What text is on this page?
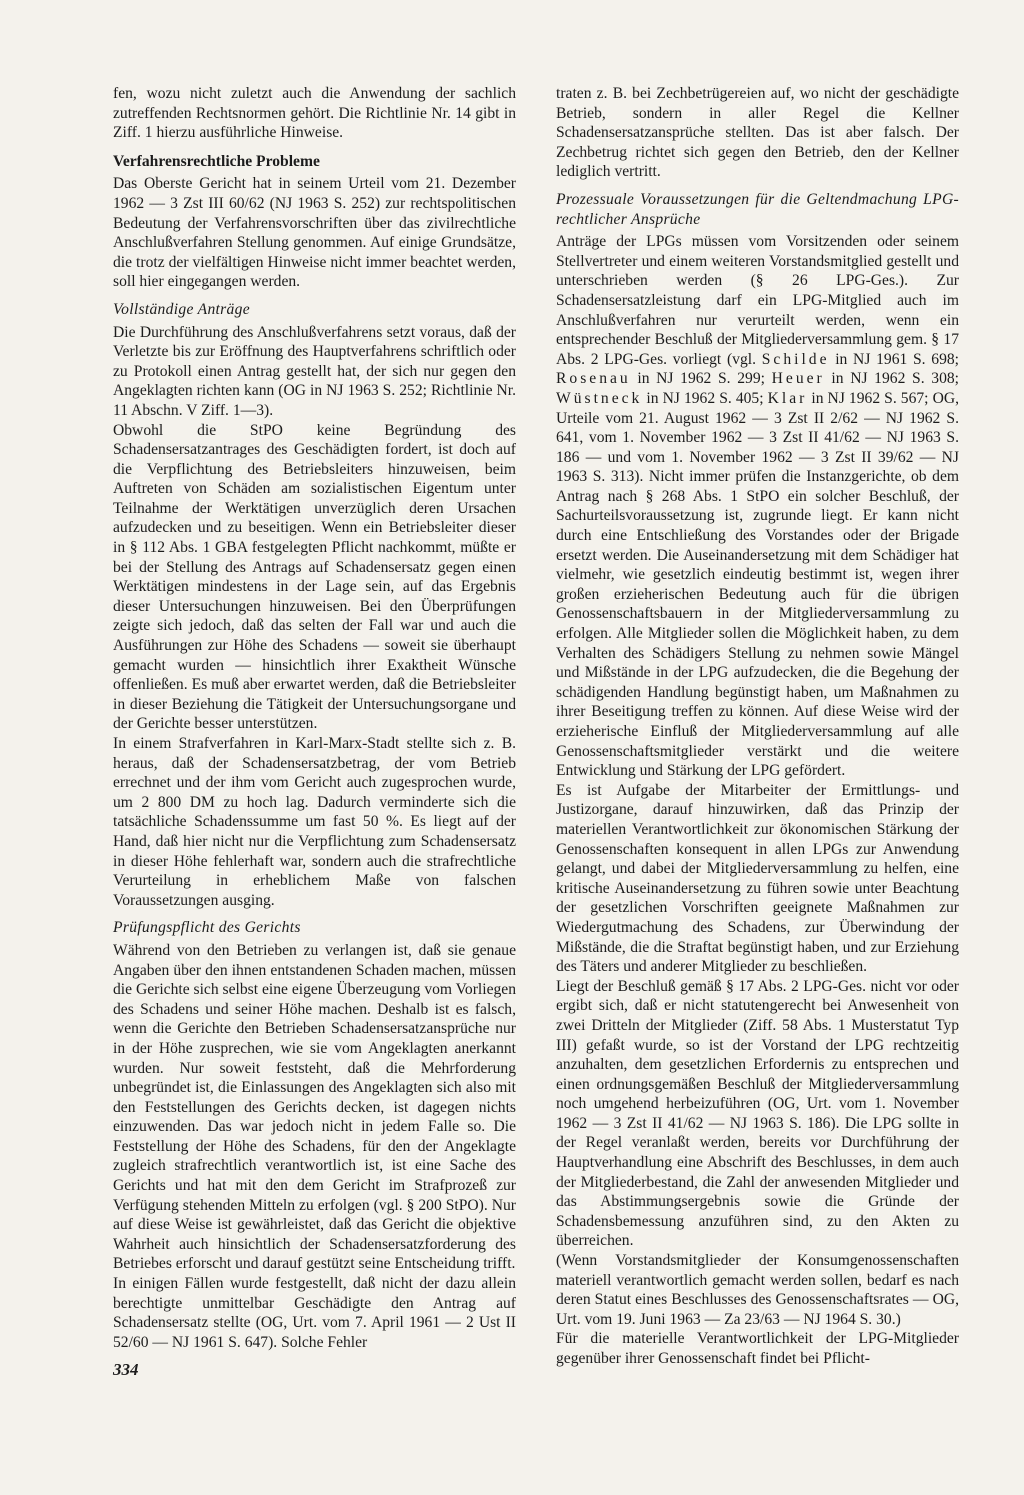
fen, wozu nicht zuletzt auch die Anwendung der sachlich zutreffenden Rechtsnormen gehört. Die Richtlinie Nr. 14 gibt in Ziff. 1 hierzu ausführliche Hinweise.

Verfahrensrechtliche Probleme

Das Oberste Gericht hat in seinem Urteil vom 21. Dezember 1962 — 3 Zst III 60/62 (NJ 1963 S. 252) zur rechtspolitischen Bedeutung der Verfahrensvorschriften über das zivilrechtliche Anschlußverfahren Stellung genommen. Auf einige Grundsätze, die trotz der vielfältigen Hinweise nicht immer beachtet werden, soll hier eingegangen werden.

Vollständige Anträge

Die Durchführung des Anschlußverfahrens setzt voraus, daß der Verletzte bis zur Eröffnung des Hauptverfahrens schriftlich oder zu Protokoll einen Antrag gestellt hat, der sich nur gegen den Angeklagten richten kann (OG in NJ 1963 S. 252; Richtlinie Nr. 11 Abschn. V Ziff. 1—3).

Obwohl die StPO keine Begründung des Schadensersatzantrages des Geschädigten fordert, ist doch auf die Verpflichtung des Betriebsleiters hinzuweisen, beim Auftreten von Schäden am sozialistischen Eigentum unter Teilnahme der Werktätigen unverzüglich deren Ursachen aufzudecken und zu beseitigen. Wenn ein Betriebsleiter dieser in § 112 Abs. 1 GBA festgelegten Pflicht nachkommt, müßte er bei der Stellung des Antrags auf Schadensersatz gegen einen Werktätigen mindestens in der Lage sein, auf das Ergebnis dieser Untersuchungen hinzuweisen. Bei den Überprüfungen zeigte sich jedoch, daß das selten der Fall war und auch die Ausführungen zur Höhe des Schadens — soweit sie überhaupt gemacht wurden — hinsichtlich ihrer Exaktheit Wünsche offenließen. Es muß aber erwartet werden, daß die Betriebsleiter in dieser Beziehung die Tätigkeit der Untersuchungsorgane und der Gerichte besser unterstützen.

In einem Strafverfahren in Karl-Marx-Stadt stellte sich z. B. heraus, daß der Schadensersatzbetrag, der vom Betrieb errechnet und der ihm vom Gericht auch zugesprochen wurde, um 2 800 DM zu hoch lag. Dadurch verminderte sich die tatsächliche Schadenssumme um fast 50 %. Es liegt auf der Hand, daß hier nicht nur die Verpflichtung zum Schadensersatz in dieser Höhe fehlerhaft war, sondern auch die strafrechtliche Verurteilung in erheblichem Maße von falschen Voraussetzungen ausging.

Prüfungspflicht des Gerichts

Während von den Betrieben zu verlangen ist, daß sie genaue Angaben über den ihnen entstandenen Schaden machen, müssen die Gerichte sich selbst eine eigene Überzeugung vom Vorliegen des Schadens und seiner Höhe machen. Deshalb ist es falsch, wenn die Gerichte den Betrieben Schadensersatzansprüche nur in der Höhe zusprechen, wie sie vom Angeklagten anerkannt wurden. Nur soweit feststeht, daß die Mehrforderung unbegründet ist, die Einlassungen des Angeklagten sich also mit den Feststellungen des Gerichts decken, ist dagegen nichts einzuwenden. Das war jedoch nicht in jedem Falle so. Die Feststellung der Höhe des Schadens, für den der Angeklagte zugleich strafrechtlich verantwortlich ist, ist eine Sache des Gerichts und hat mit den dem Gericht im Strafprozeß zur Verfügung stehenden Mitteln zu erfolgen (vgl. § 200 StPO). Nur auf diese Weise ist gewährleistet, daß das Gericht die objektive Wahrheit auch hinsichtlich der Schadensersatzforderung des Betriebes erforscht und darauf gestützt seine Entscheidung trifft.

In einigen Fällen wurde festgestellt, daß nicht der dazu allein berechtigte unmittelbar Geschädigte den Antrag auf Schadensersatz stellte (OG, Urt. vom 7. April 1961 — 2 Ust II 52/60 — NJ 1961 S. 647). Solche Fehler

traten z. B. bei Zechbetrügereien auf, wo nicht der geschädigte Betrieb, sondern in aller Regel die Kellner Schadensersatzansprüche stellten. Das ist aber falsch. Der Zechbetrug richtet sich gegen den Betrieb, den der Kellner lediglich vertritt.

Prozessuale Voraussetzungen für die Geltendmachung LPG-rechtlicher Ansprüche

Anträge der LPGs müssen vom Vorsitzenden oder seinem Stellvertreter und einem weiteren Vorstandsmitglied gestellt und unterschrieben werden (§ 26 LPG-Ges.). Zur Schadensersatzleistung darf ein LPG-Mitglied auch im Anschlußverfahren nur verurteilt werden, wenn ein entsprechender Beschluß der Mitgliederversammlung gem. § 17 Abs. 2 LPG-Ges. vorliegt (vgl. Schilde in NJ 1961 S. 698; Rosenau in NJ 1962 S. 299; Heuer in NJ 1962 S. 308; Wüstneck in NJ 1962 S. 405; Klar in NJ 1962 S. 567; OG, Urteile vom 21. August 1962 — 3 Zst II 2/62 — NJ 1962 S. 641, vom 1. November 1962 — 3 Zst II 41/62 — NJ 1963 S. 186 — und vom 1. November 1962 — 3 Zst II 39/62 — NJ 1963 S. 313). Nicht immer prüfen die Instanzgerichte, ob dem Antrag nach § 268 Abs. 1 StPO ein solcher Beschluß, der Sachurteilsvoraussetzung ist, zugrunde liegt. Er kann nicht durch eine Entschließung des Vorstandes oder der Brigade ersetzt werden. Die Auseinandersetzung mit dem Schädiger hat vielmehr, wie gesetzlich eindeutig bestimmt ist, wegen ihrer großen erzieherischen Bedeutung auch für die übrigen Genossenschaftsbauern in der Mitgliederversammlung zu erfolgen. Alle Mitglieder sollen die Möglichkeit haben, zu dem Verhalten des Schädigers Stellung zu nehmen sowie Mängel und Mißstände in der LPG aufzudecken, die die Begehung der schädigenden Handlung begünstigt haben, um Maßnahmen zu ihrer Beseitigung treffen zu können. Auf diese Weise wird der erzieherische Einfluß der Mitgliederversammlung auf alle Genossenschaftsmitglieder verstärkt und die weitere Entwicklung und Stärkung der LPG gefördert.

Es ist Aufgabe der Mitarbeiter der Ermittlungs- und Justizorgane, darauf hinzuwirken, daß das Prinzip der materiellen Verantwortlichkeit zur ökonomischen Stärkung der Genossenschaften konsequent in allen LPGs zur Anwendung gelangt, und dabei der Mitgliederversammlung zu helfen, eine kritische Auseinandersetzung zu führen sowie unter Beachtung der gesetzlichen Vorschriften geeignete Maßnahmen zur Wiedergutmachung des Schadens, zur Überwindung der Mißstände, die die Straftat begünstigt haben, und zur Erziehung des Täters und anderer Mitglieder zu beschließen.

Liegt der Beschluß gemäß § 17 Abs. 2 LPG-Ges. nicht vor oder ergibt sich, daß er nicht statutengerecht bei Anwesenheit von zwei Dritteln der Mitglieder (Ziff. 58 Abs. 1 Musterstatut Typ III) gefaßt wurde, so ist der Vorstand der LPG rechtzeitig anzuhalten, dem gesetzlichen Erfordernis zu entsprechen und einen ordnungsgemäßen Beschluß der Mitgliederversammlung noch umgehend herbeizuführen (OG, Urt. vom 1. November 1962 — 3 Zst II 41/62 — NJ 1963 S. 186). Die LPG sollte in der Regel veranlaßt werden, bereits vor Durchführung der Hauptverhandlung eine Abschrift des Beschlusses, in dem auch der Mitgliederbestand, die Zahl der anwesenden Mitglieder und das Abstimmungsergebnis sowie die Gründe der Schadensbemessung anzuführen sind, zu den Akten zu überreichen.

(Wenn Vorstandsmitglieder der Konsumgenossenschaften materiell verantwortlich gemacht werden sollen, bedarf es nach deren Statut eines Beschlusses des Genossenschaftsrates — OG, Urt. vom 19. Juni 1963 — Za 23/63 — NJ 1964 S. 30.)

Für die materielle Verantwortlichkeit der LPG-Mitglieder gegenüber ihrer Genossenschaft findet bei Pflicht-

334
